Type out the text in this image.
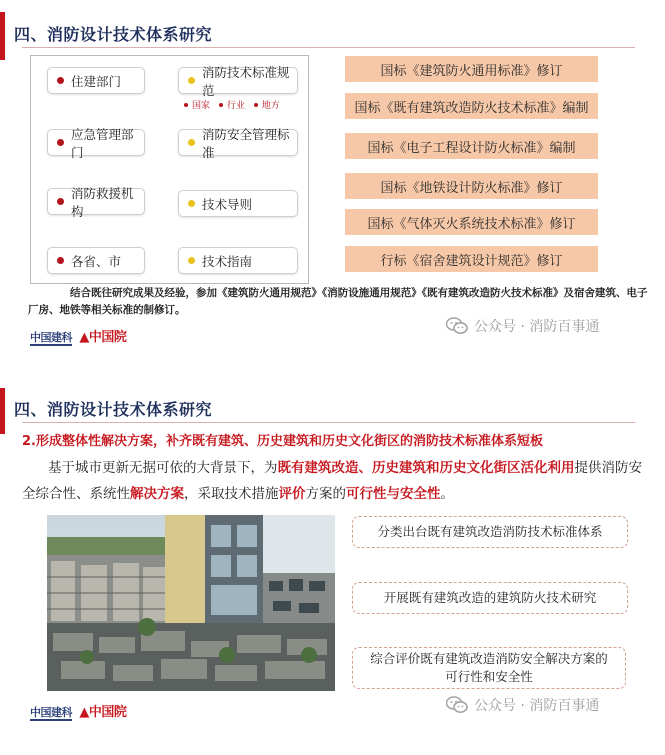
四、消防设计技术体系研究
住建部门
应急管理部门
消防救援机构
各省、市
消防技术标准规范
国家 行业 地方
消防安全管理标准
技术导则
技术指南
国标《建筑防火通用标准》修订
国标《既有建筑改造防火技术标准》编制
国标《电子工程设计防火标准》编制
国标《地铁设计防火标准》修订
国标《气体灭火系统技术标准》修订
行标《宿舍建筑设计规范》修订
结合既往研究成果及经验，参加《建筑防火通用规范》《消防设施通用规范》《既有建筑改造防火技术标准》及宿舍建筑、电子
厂房、地铁等相关标准的制修订。
中国建科 ▲中国院
公众号 · 消防百事通
四、消防设计技术体系研究
2.形成整体性解决方案，补齐既有建筑、历史建筑和历史文化街区的消防技术标准体系短板
基于城市更新无据可依的大背景下，为既有建筑改造、历史建筑和历史文化街区活化利用提供消防安全综合性、系统性解决方案，采取技术措施评价方案的可行性与安全性。
分类出台既有建筑改造消防技术标准体系
开展既有建筑改造的建筑防火技术研究
综合评价既有建筑改造消防安全解决方案的可行性和安全性
中国建科 ▲中国院	公众号 · 消防百事通
